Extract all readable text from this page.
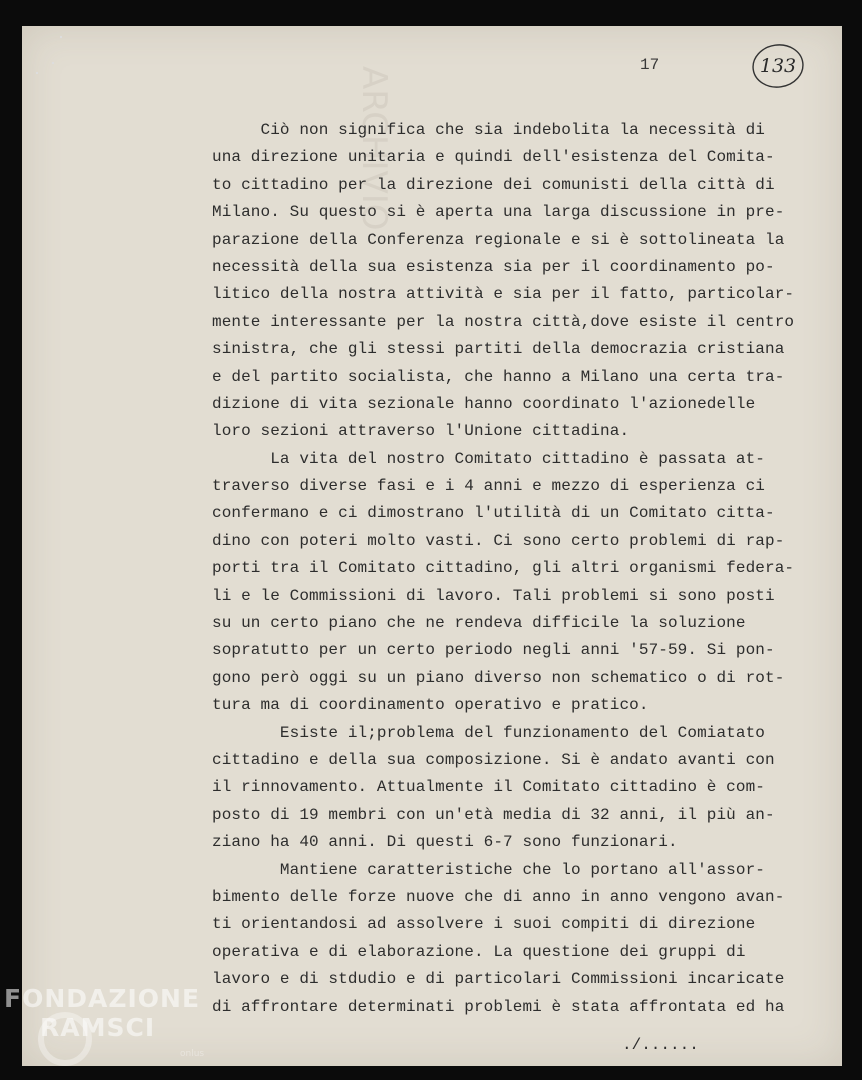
ARCHIVIO
17	133
Ciò non significa che sia indebolita la necessità di
una direzione unitaria e quindi dell'esistenza del Comita-
to cittadino per la direzione dei comunisti della città di
Milano. Su questo si è aperta una larga discussione in pre-
parazione della Conferenza regionale e si è sottolineata la
necessità della sua esistenza sia per il coordinamento po-
litico della nostra attività e sia per il fatto, particolar-
mente interessante per la nostra città,dove esiste il centro
sinistra, che gli stessi partiti della democrazia cristiana
e del partito socialista, che hanno a Milano una certa tra-
dizione di vita sezionale hanno coordinato l'azionedelle
loro sezioni attraverso l'Unione cittadina.
La vita del nostro Comitato cittadino è passata at-
traverso diverse fasi e i 4 anni e mezzo di esperienza ci
confermano e ci dimostrano l'utilità di un Comitato citta-
dino con poteri molto vasti. Ci sono certo problemi di rap-
porti tra il Comitato cittadino, gli altri organismi federa-
li e le Commissioni di lavoro. Tali problemi si sono posti
su un certo piano che ne rendeva difficile la soluzione
sopratutto per un certo periodo negli anni '57-59. Si pon-
gono però oggi su un piano diverso non schematico o di rot-
tura ma di coordinamento operativo e pratico.
Esiste il;problema del funzionamento del Comiatato
cittadino e della sua composizione. Si è andato avanti con
il rinnovamento. Attualmente il Comitato cittadino è com-
posto di 19 membri con un'età media di 32 anni, il più an-
ziano ha 40 anni. Di questi 6-7 sono funzionari.
Mantiene caratteristiche che lo portano all'assor-
bimento delle forze nuove che di anno in anno vengono avan-
ti orientandosi ad assolvere i suoi compiti di direzione
operativa e di elaborazione. La questione dei gruppi di
lavoro e di stdudio e di particolari Commissioni incaricate
di affrontare determinati problemi è stata affrontata ed ha
./......
FONDAZIONE
RAMSCI
onlus
